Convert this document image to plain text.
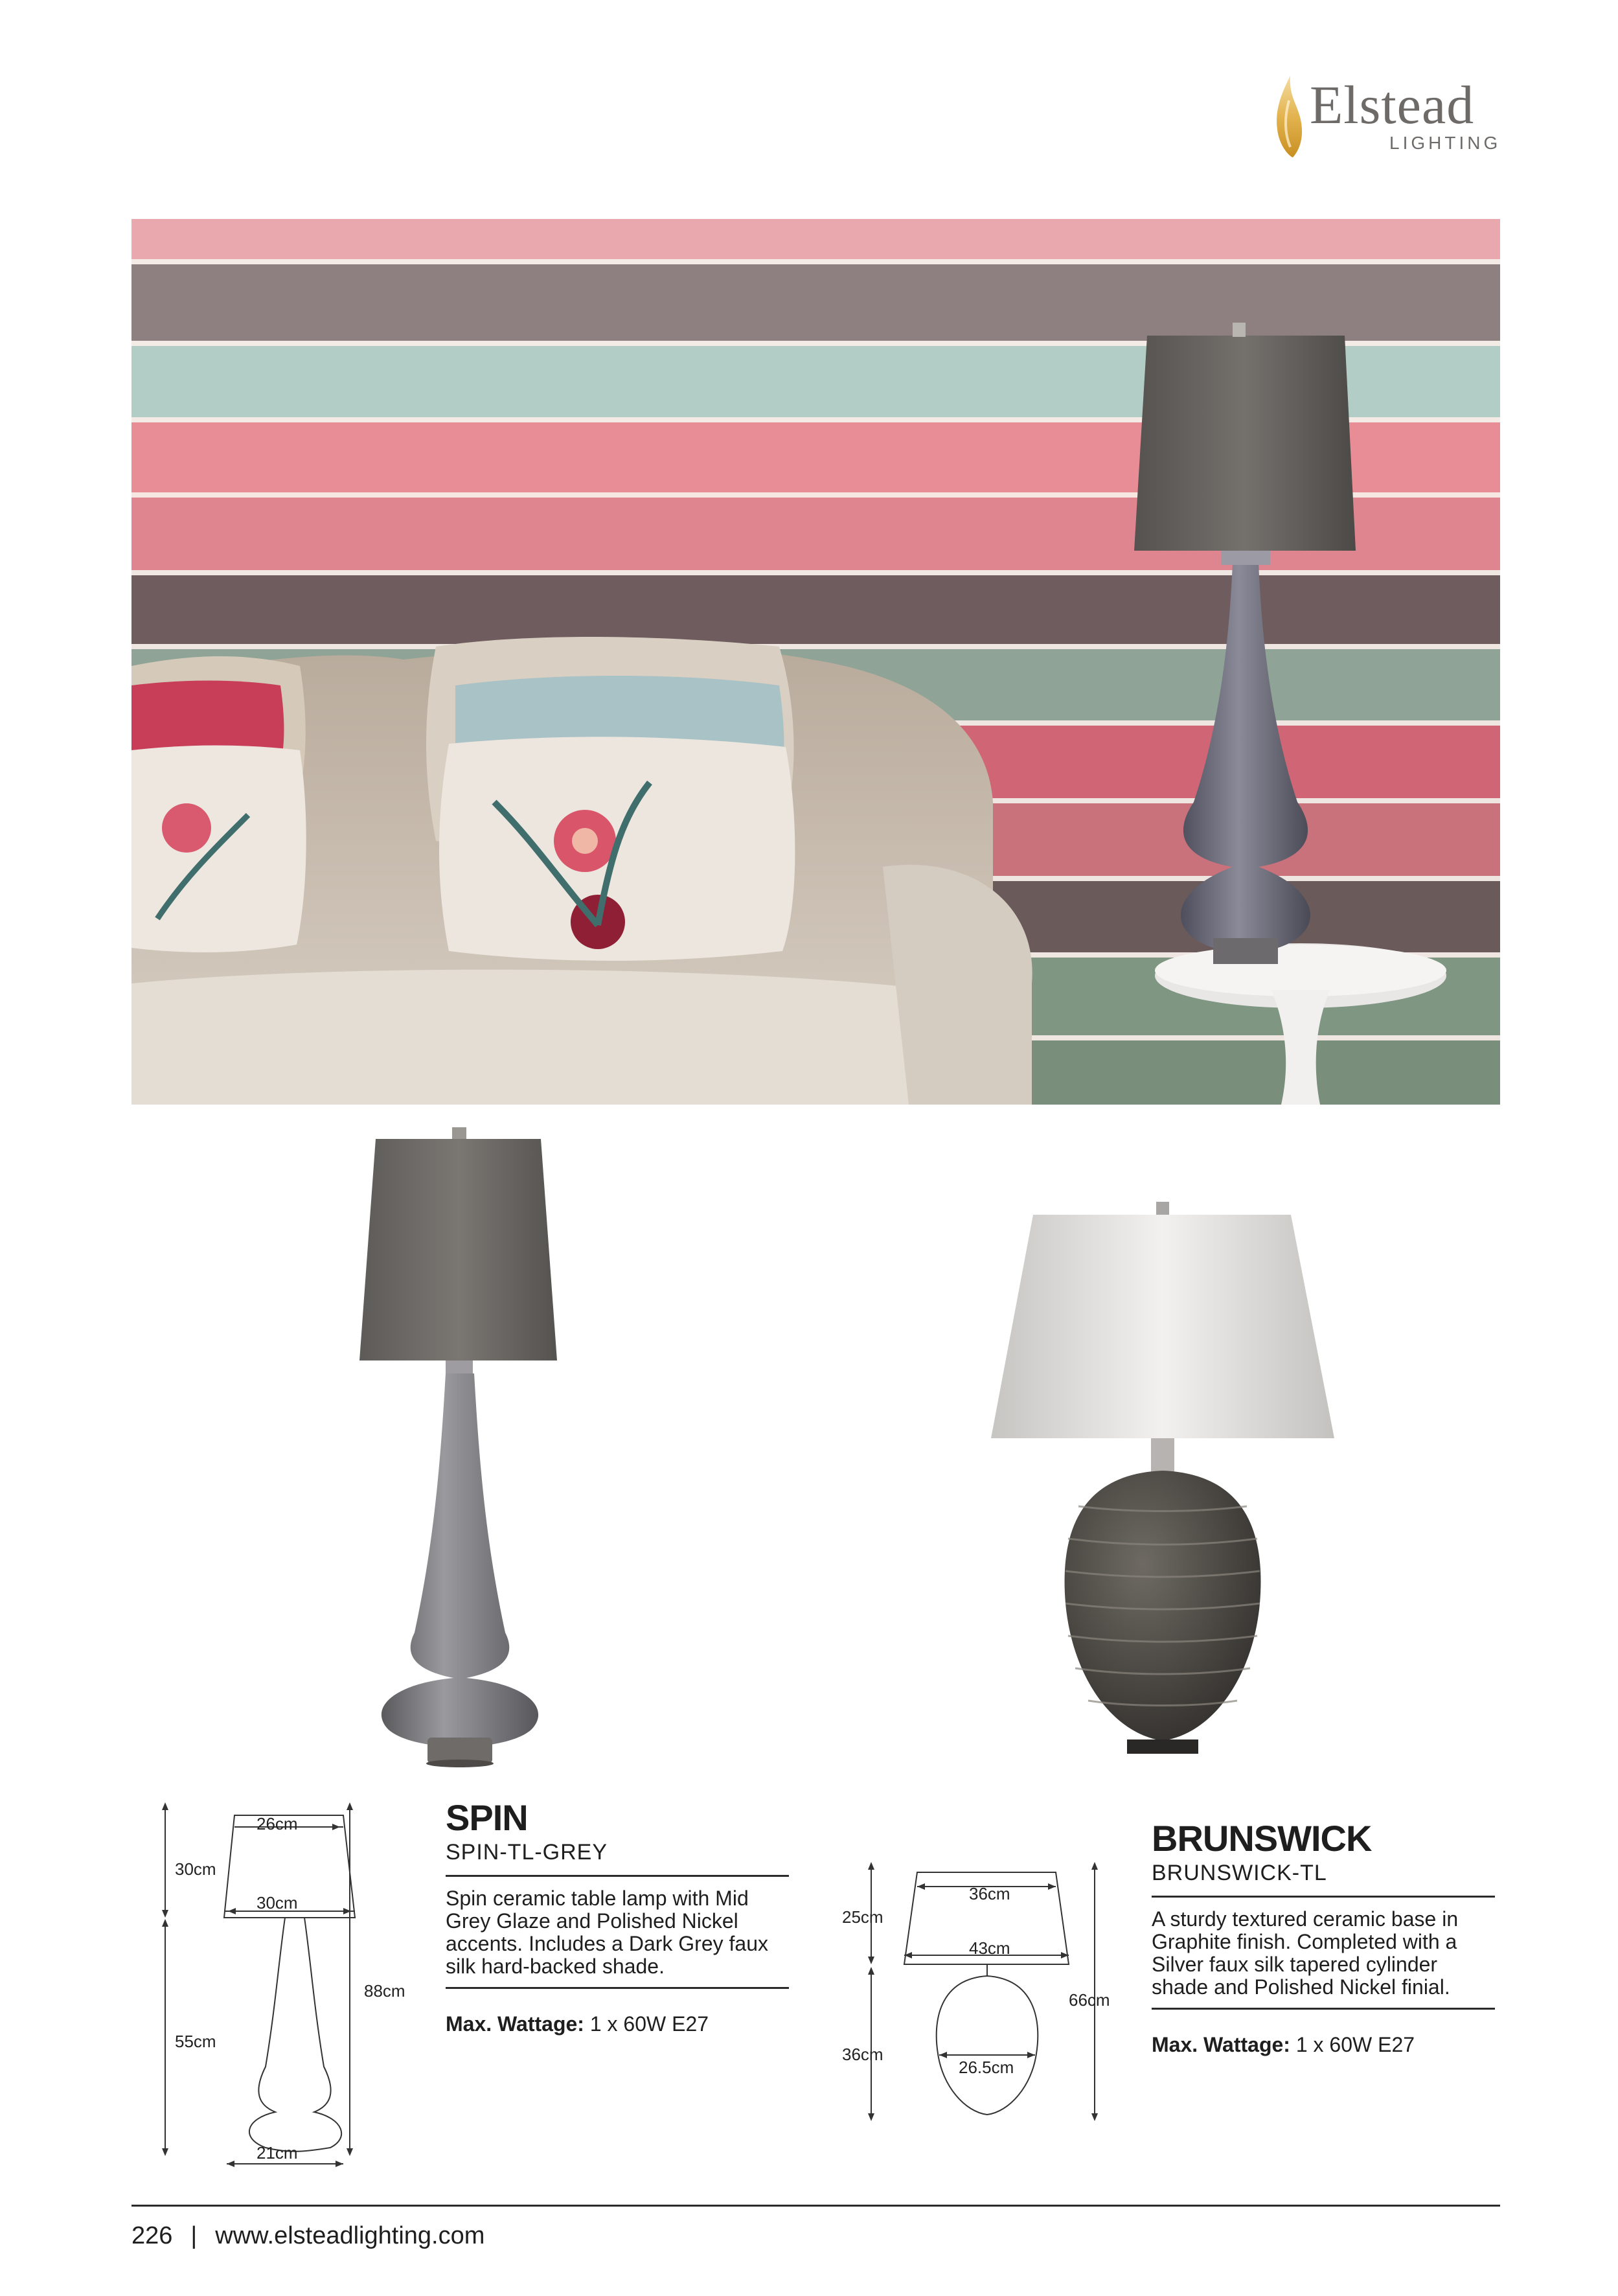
Elstead
LIGHTING
26cm
30cm
30cm
88cm
55cm
21cm
SPIN
SPIN-TL-GREY
Spin ceramic table lamp with Mid Grey Glaze and Polished Nickel accents. Includes a Dark Grey faux silk hard-backed shade.
Max. Wattage: 1 x 60W E27
36cm
25cm
43cm
66cm
36cm
26.5cm
BRUNSWICK
BRUNSWICK-TL
A sturdy textured ceramic base in Graphite finish. Completed with a Silver faux silk tapered cylinder shade and Polished Nickel finial.
Max. Wattage: 1 x 60W E27
226 | www.elsteadlighting.com
